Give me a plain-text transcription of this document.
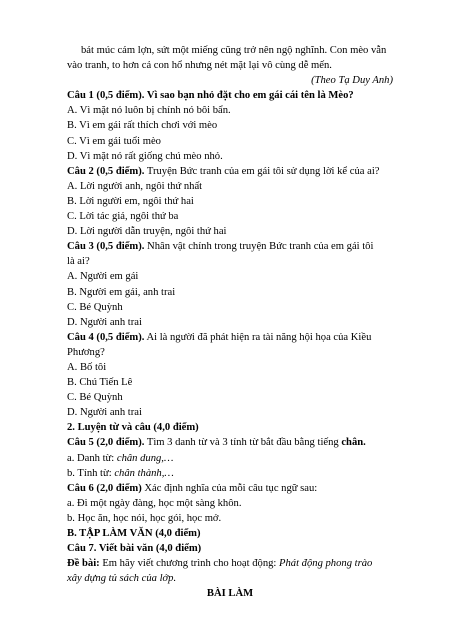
bát múc cám lợn, sứt một miếng cũng trở nên ngộ nghĩnh. Con mèo vẫn

vào tranh, to hơn cả con hổ nhưng nét mặt lại vô cùng dễ mến.

(Theo Tạ Duy Anh)

Câu 1 (0,5 điểm). Vì sao bạn nhỏ đặt cho em gái cái tên là Mèo?

A. Vì mặt nó luôn bị chính nó bôi bẩn.

B. Vì em gái rất thích chơi với mèo

C. Vì em gái tuổi mèo

D. Vì mặt nó rất giống chú mèo nhỏ.

Câu 2 (0,5 điểm). Truyện Bức tranh của em gái tôi sử dụng lời kể của ai?

A. Lời người anh, ngôi thứ nhất

B. Lời người em, ngôi thứ hai

C. Lời tác giả, ngôi thứ ba

D. Lời người dẫn truyện, ngôi thứ hai

Câu 3 (0,5 điểm). Nhân vật chính trong truyện Bức tranh của em gái tôi

là ai?

A. Người em gái

B. Người em gái, anh trai

C. Bé Quỳnh

D. Người anh trai

Câu 4 (0,5 điểm). Ai là người đã phát hiện ra tài năng hội họa của Kiều

Phương?

A. Bố tôi

B. Chú Tiến Lê

C. Bé Quỳnh

D. Người anh trai

2. Luyện từ và câu (4,0 điểm)

Câu 5 (2,0 điểm). Tìm 3 danh từ và 3 tính từ bắt đầu bằng tiếng chân.

a. Danh từ: chân dung,…

b. Tính từ: chân thành,…

Câu 6 (2,0 điểm) Xác định nghĩa của mỗi câu tục ngữ sau:

a. Đi một ngày đàng, học một sàng khôn.

b. Học ăn, học nói, học gói, học mở.

B. TẬP LÀM VĂN (4,0 điểm)

Câu 7. Viết bài văn (4,0 điểm)

Đề bài: Em hãy viết chương trình cho hoạt động: Phát động phong trào

xây dựng tủ sách của lớp.

BÀI LÀM
